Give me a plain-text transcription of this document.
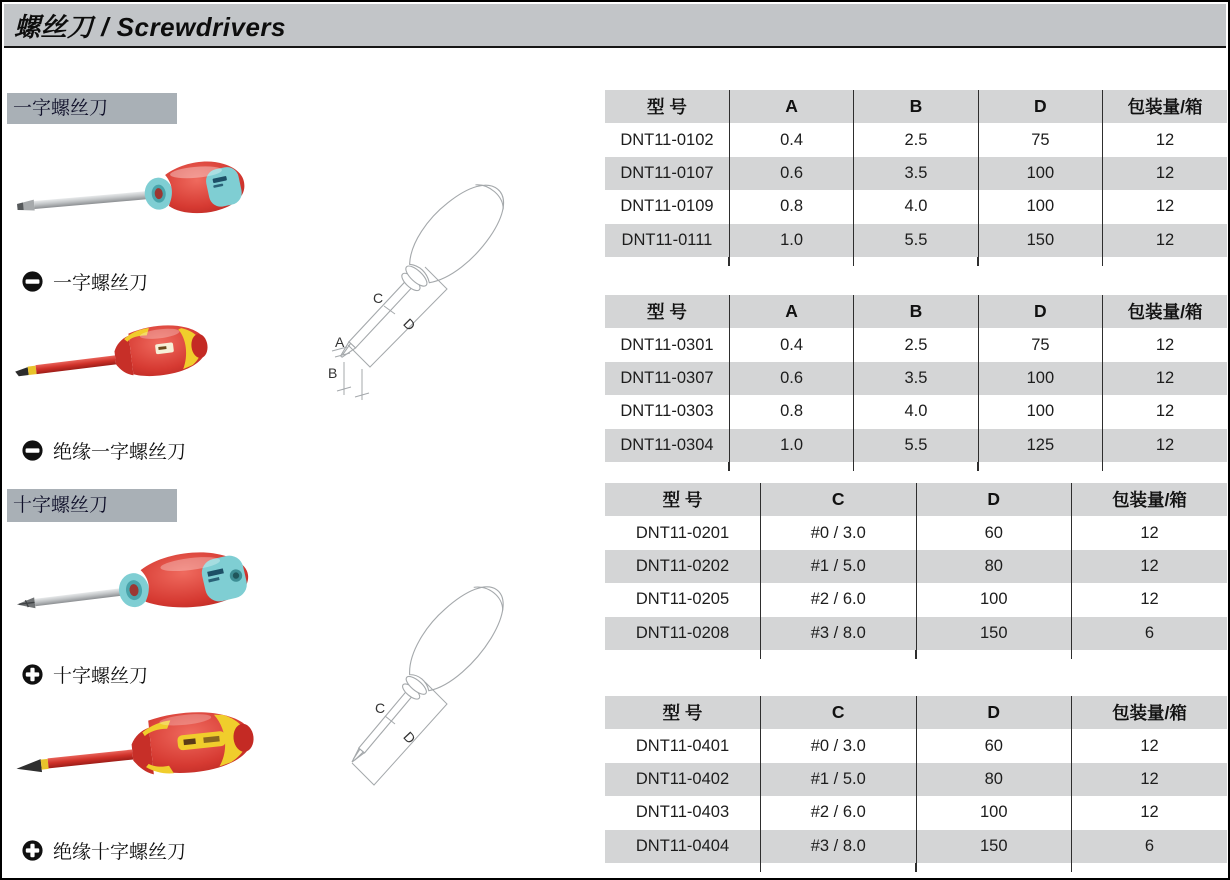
螺丝刀 / Screwdrivers
一字螺丝刀
十字螺丝刀
一字螺丝刀
绝缘一字螺丝刀
十字螺丝刀
绝缘十字螺丝刀
C
D
A
B
C
D
型 号	A	B	D	包装量/箱
DNT11-0102	0.4	2.5	75	12
DNT11-0107	0.6	3.5	100	12
DNT11-0109	0.8	4.0	100	12
DNT11-0111	1.0	5.5	150	12
型 号	A	B	D	包装量/箱
DNT11-0301	0.4	2.5	75	12
DNT11-0307	0.6	3.5	100	12
DNT11-0303	0.8	4.0	100	12
DNT11-0304	1.0	5.5	125	12
型 号	C	D	包装量/箱
DNT11-0201	#0 / 3.0	60	12
DNT11-0202	#1 / 5.0	80	12
DNT11-0205	#2 / 6.0	100	12
DNT11-0208	#3 / 8.0	150	6
型 号	C	D	包装量/箱
DNT11-0401	#0 / 3.0	60	12
DNT11-0402	#1 / 5.0	80	12
DNT11-0403	#2 / 6.0	100	12
DNT11-0404	#3 / 8.0	150	6
